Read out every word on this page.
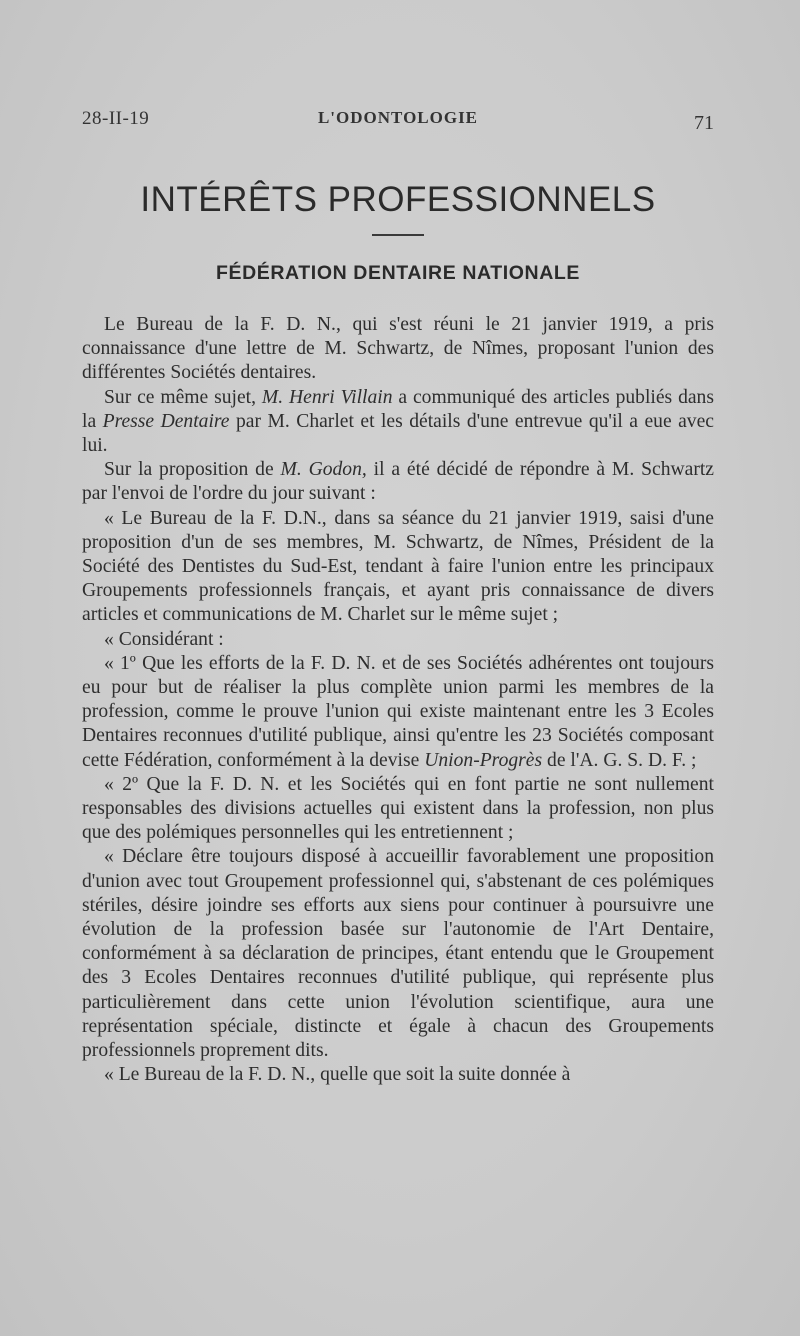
28-II-19	L'ODONTOLOGIE	71
INTÉRÊTS PROFESSIONNELS
FÉDÉRATION DENTAIRE NATIONALE

Le Bureau de la F. D. N., qui s'est réuni le 21 janvier 1919, a pris connaissance d'une lettre de M. Schwartz, de Nîmes, proposant l'union des différentes Sociétés dentaires.

Sur ce même sujet, M. Henri Villain a communiqué des articles publiés dans la Presse Dentaire par M. Charlet et les détails d'une entrevue qu'il a eue avec lui.

Sur la proposition de M. Godon, il a été décidé de répondre à M. Schwartz par l'envoi de l'ordre du jour suivant :

« Le Bureau de la F. D.N., dans sa séance du 21 janvier 1919, saisi d'une proposition d'un de ses membres, M. Schwartz, de Nîmes, Président de la Société des Dentistes du Sud-Est, tendant à faire l'union entre les principaux Groupements professionnels français, et ayant pris connaissance de divers articles et communications de M. Charlet sur le même sujet ;

« Considérant :

« 1º Que les efforts de la F. D. N. et de ses Sociétés adhérentes ont toujours eu pour but de réaliser la plus complète union parmi les membres de la profession, comme le prouve l'union qui existe maintenant entre les 3 Ecoles Dentaires reconnues d'utilité publique, ainsi qu'entre les 23 Sociétés composant cette Fédération, conformément à la devise Union-Progrès de l'A. G. S. D. F. ;

« 2º Que la F. D. N. et les Sociétés qui en font partie ne sont nullement responsables des divisions actuelles qui existent dans la profession, non plus que des polémiques personnelles qui les entretiennent ;

« Déclare être toujours disposé à accueillir favorablement une proposition d'union avec tout Groupement professionnel qui, s'abstenant de ces polémiques stériles, désire joindre ses efforts aux siens pour continuer à poursuivre une évolution de la profession basée sur l'autonomie de l'Art Dentaire, conformément à sa déclaration de principes, étant entendu que le Groupement des 3 Ecoles Dentaires reconnues d'utilité publique, qui représente plus particulièrement dans cette union l'évolution scientifique, aura une représentation spéciale, distincte et égale à chacun des Groupements professionnels proprement dits.

« Le Bureau de la F. D. N., quelle que soit la suite donnée à
